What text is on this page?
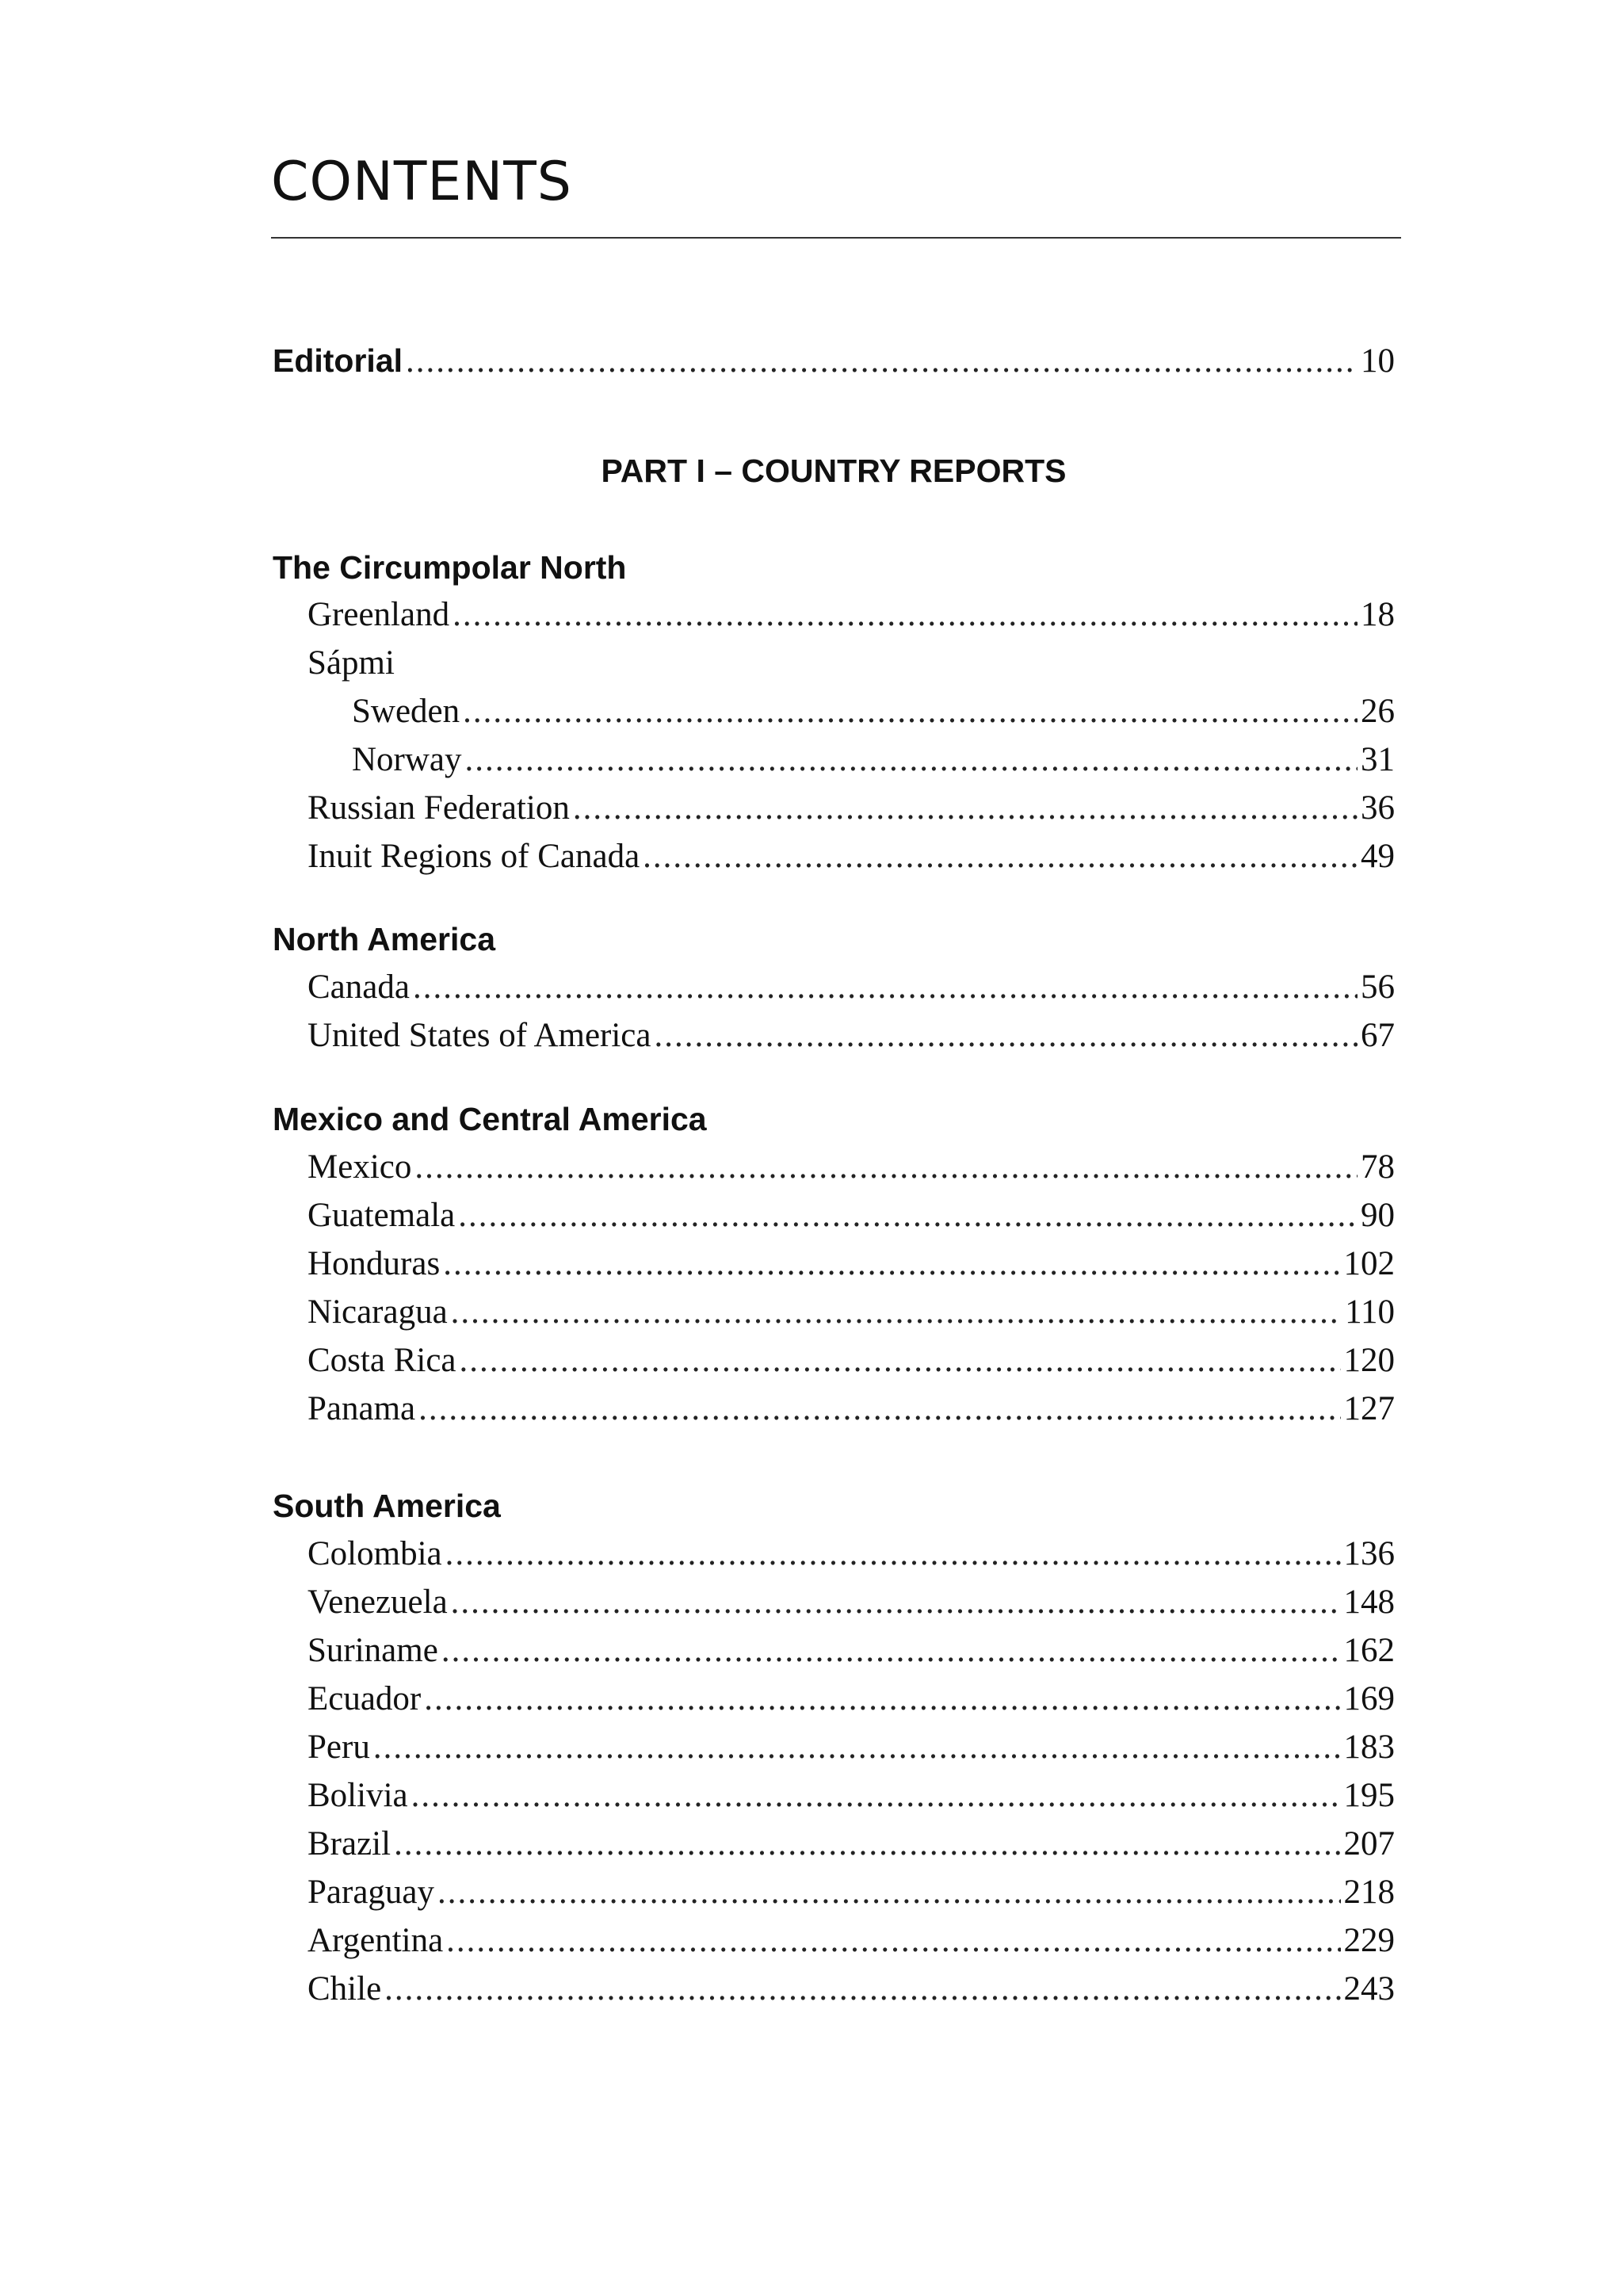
CONTENTS
Editorial .....	10
PART I – COUNTRY REPORTS
The Circumpolar North
Greenland .....	18
Sápmi
Sweden .....	26
Norway .....	31
Russian Federation .....	36
Inuit Regions of Canada .....	49
North America
Canada .....	56
United States of America .....	67
Mexico and Central America
Mexico .....	78
Guatemala .....	90
Honduras .....	102
Nicaragua .....	110
Costa Rica .....	120
Panama .....	127
South America
Colombia .....	136
Venezuela .....	148
Suriname .....	162
Ecuador .....	169
Peru .....	183
Bolivia .....	195
Brazil .....	207
Paraguay .....	218
Argentina .....	229
Chile .....	243
